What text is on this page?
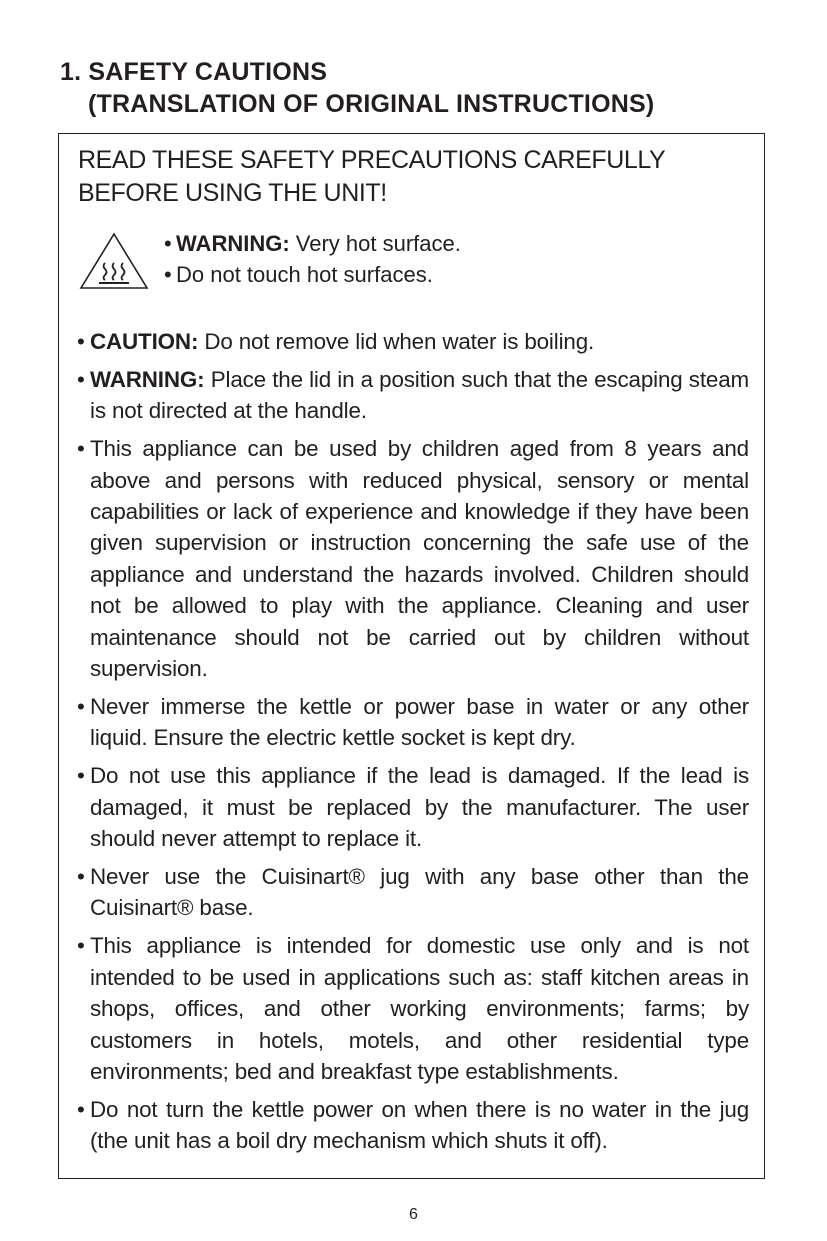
1. SAFETY CAUTIONS
(TRANSLATION OF ORIGINAL INSTRUCTIONS)

READ THESE SAFETY PRECAUTIONS CAREFULLY BEFORE USING THE UNIT!

• WARNING: Very hot surface.
• Do not touch hot surfaces.
• CAUTION: Do not remove lid when water is boiling.
• WARNING: Place the lid in a position such that the escaping steam is not directed at the handle.
• This appliance can be used by children aged from 8 years and above and persons with reduced physical, sensory or mental capabilities or lack of experience and knowledge if they have been given supervision or instruction concerning the safe use of the appliance and understand the hazards involved. Children should not be allowed to play with the appliance. Cleaning and user maintenance should not be carried out by children without supervision.
• Never immerse the kettle or power base in water or any other liquid. Ensure the electric kettle socket is kept dry.
• Do not use this appliance if the lead is damaged. If the lead is damaged, it must be replaced by the manufacturer. The user should never attempt to replace it.
• Never use the Cuisinart® jug with any base other than the Cuisinart® base.
• This appliance is intended for domestic use only and is not intended to be used in applications such as: staff kitchen areas in shops, offices, and other working environments; farms; by customers in hotels, motels, and other residential type environments; bed and breakfast type establishments.
• Do not turn the kettle power on when there is no water in the jug (the unit has a boil dry mechanism which shuts it off).
6
